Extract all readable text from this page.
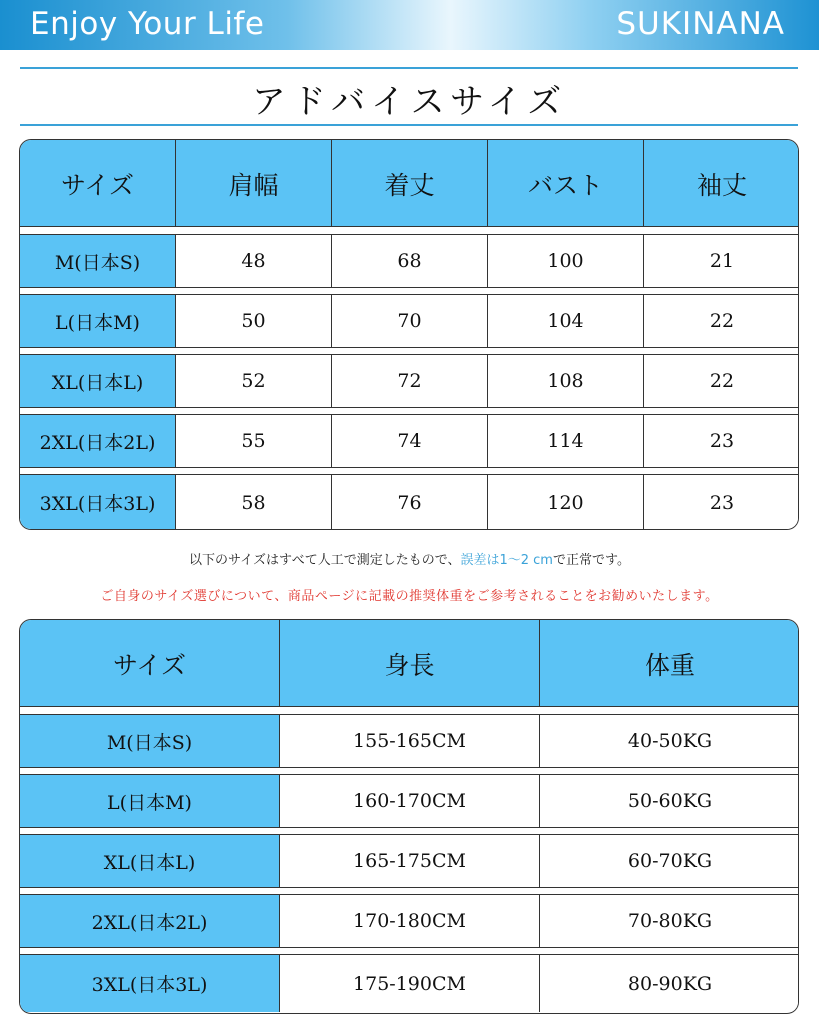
Enjoy Your Life	SUKINANA
アドバイスサイズ
サイズ	肩幅	着丈	バスト	袖丈
M(日本S)	48	68	100	21
L(日本M)	50	70	104	22
XL(日本L)	52	72	108	22
2XL(日本2L)	55	74	114	23
3XL(日本3L)	58	76	120	23
以下のサイズはすべて人工で測定したもので、誤差は1～2 cmで正常です。
ご自身のサイズ選びについて、商品ページに記載の推奨体重をご参考されることをお勧めいたします。
サイズ	身長	体重
M(日本S)	155-165CM	40-50KG
L(日本M)	160-170CM	50-60KG
XL(日本L)	165-175CM	60-70KG
2XL(日本2L)	170-180CM	70-80KG
3XL(日本3L)	175-190CM	80-90KG
